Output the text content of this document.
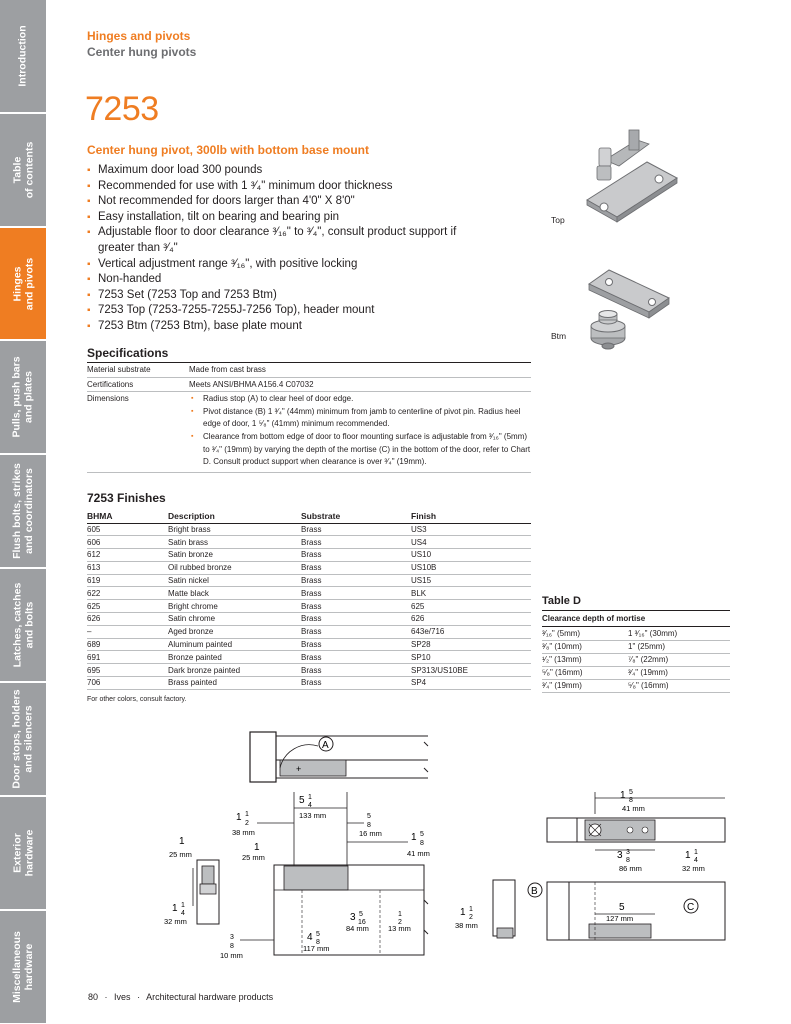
Introduction
Table of contents
Hinges and pivots
Pulls, push bars and plates
Flush bolts, strikes and coordinators
Latches, catches and bolts
Door stops, holders and silencers
Exterior hardware
Miscellaneous hardware
Hinges and pivots
Center hung pivots
7253
Center hung pivot, 300lb with bottom base mount
▪ Maximum door load 300 pounds
▪ Recommended for use with 1 ³⁄₄" minimum door thickness
▪ Not recommended for doors larger than 4'0" X 8'0"
▪ Easy installation, tilt on bearing and bearing pin
▪ Adjustable floor to door clearance ³⁄₁₆" to ³⁄₄", consult product support if greater than ³⁄₄"
▪ Vertical adjustment range ³⁄₁₆", with positive locking
▪ Non-handed
▪ 7253 Set (7253 Top and 7253 Btm)
▪ 7253 Top (7253-7255-7255J-7256 Top), header mount
▪ 7253 Btm (7253 Btm), base plate mount
Top
Btm
Specifications
Material substrate	Made from cast brass
Certifications	Meets ANSI/BHMA A156.4 C07032
Dimensions	▪ Radius stop (A) to clear heel of door edge.
▪ Pivot distance (B) 1 ³⁄₄" (44mm) minimum from jamb to centerline of pivot pin. Radius heel edge of door, 1 ⁵⁄₈" (41mm) minimum recommended.
▪ Clearance from bottom edge of door to floor mounting surface is adjustable from ³⁄₁₆" (5mm) to ³⁄₄" (19mm) by varying the depth of the mortise (C) in the bottom of the door, refer to Chart D. Consult product support when clearance is over ³⁄₄" (19mm).
7253 Finishes
BHMA	Description	Substrate	Finish
605	Bright brass	Brass	US3
606	Satin brass	Brass	US4
612	Satin bronze	Brass	US10
613	Oil rubbed bronze	Brass	US10B
619	Satin nickel	Brass	US15
622	Matte black	Brass	BLK
625	Bright chrome	Brass	625
626	Satin chrome	Brass	626
–	Aged bronze	Brass	643e/716
689	Aluminum painted	Brass	SP28
691	Bronze painted	Brass	SP10
695	Dark bronze painted	Brass	SP313/US10BE
706	Brass painted	Brass	SP4
For other colors, consult factory.
Table D
Clearance depth of mortise
³⁄₁₆" (5mm)	1 ³⁄₁₆" (30mm)
³⁄₈" (10mm)	1" (25mm)
¹⁄₂" (13mm)	⁷⁄₈" (22mm)
⁵⁄₈" (16mm)	³⁄₄" (19mm)
³⁄₄" (19mm)	⁵⁄₈" (16mm)
+
A
5 1
4
133 mm
1 1
2
38 mm
5
8
16 mm	1 5
8
41 mm
1
25 mm
1
25 mm
1 1
4
32 mm	3 5
16
84 mm
1
2
13 mm
4 5
8
117 mm
3
8
10 mm
1 5
8
41 mm
3 3
8
86 mm
1 1
4
32 mm
1 1
2
38 mm
B
5
127 mm
C
80 · Ives · Architectural hardware products
